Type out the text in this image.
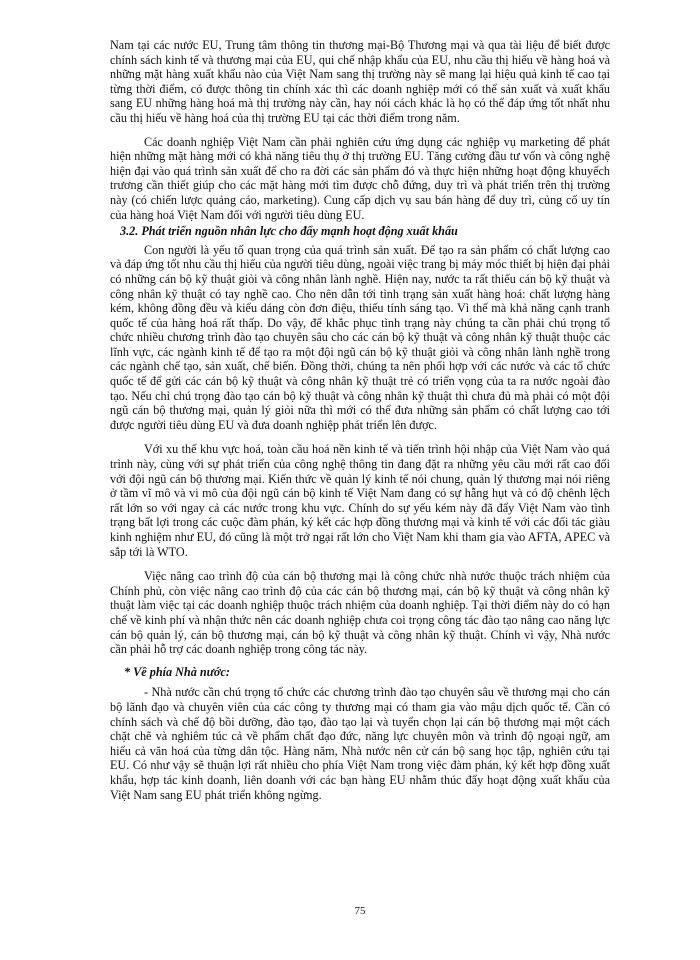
Nam tại các nước EU, Trung tâm thông tin thương mại-Bộ Thương mại và qua tài liệu để biết được chính sách kinh tế và thương mại của EU, qui chế nhập khẩu của EU, nhu cầu thị hiếu về hàng hoá và những mặt hàng xuất khẩu nào của Việt Nam sang thị trường này sẽ mang lại hiệu quả kinh tế cao tại từng thời điểm, có được thông tin chính xác thì các doanh nghiệp mới có thể sản xuất và xuất khẩu sang EU những hàng hoá mà thị trường này cần, hay nói cách khác là họ có thể đáp ứng tốt nhất nhu cầu thị hiếu về hàng hoá của thị trường EU tại các thời điểm trong năm.

Các doanh nghiệp Việt Nam cần phải nghiên cứu ứng dụng các nghiệp vụ marketing để phát hiện những mặt hàng mới có khả năng tiêu thụ ở thị trường EU. Tăng cường đầu tư vốn và công nghệ hiện đại vào quá trình sản xuất để cho ra đời các sản phẩm đó và thực hiện những hoạt động khuyếch trương cần thiết giúp cho các mặt hàng mới tìm được chỗ đứng, duy trì và phát triển trên thị trường này (có chiến lược quảng cáo, marketing). Cung cấp dịch vụ sau bán hàng để duy trì, củng cố uy tín của hàng hoá Việt Nam đối với người tiêu dùng EU.

3.2. Phát triển nguồn nhân lực cho đẩy mạnh hoạt động xuất khẩu

Con người là yếu tố quan trọng của quá trình sản xuất. Để tạo ra sản phẩm có chất lượng cao và đáp ứng tốt nhu cầu thị hiếu của người tiêu dùng, ngoài việc trang bị máy móc thiết bị hiện đại phải có những cán bộ kỹ thuật giỏi và công nhân lành nghề. Hiện nay, nước ta rất thiếu cán bộ kỹ thuật và công nhân kỹ thuật có tay nghề cao. Cho nên dẫn tới tình trạng sản xuất hàng hoá: chất lượng hàng kém, không đồng đều và kiểu dáng còn đơn điệu, thiếu tính sáng tạo. Vì thế mà khả năng cạnh tranh quốc tế của hàng hoá rất thấp. Do vậy, để khắc phục tình trạng này chúng ta cần phải chú trọng tổ chức nhiều chương trình đào tạo chuyên sâu cho các cán bộ kỹ thuật và công nhân kỹ thuật thuộc các lĩnh vực, các ngành kinh tế để tạo ra một đội ngũ cán bộ kỹ thuật giỏi và công nhân lành nghề trong các ngành chế tạo, sản xuất, chế biến. Đồng thời, chúng ta nên phối hợp với các nước và các tổ chức quốc tế để gửi các cán bộ kỹ thuật và công nhân kỹ thuật trẻ có triển vọng của ta ra nước ngoài đào tạo. Nếu chỉ chú trọng đào tạo cán bộ kỹ thuật và công nhân kỹ thuật thì chưa đủ mà phải có một đội ngũ cán bộ thương mại, quản lý giỏi nữa thì mới có thể đưa những sản phẩm có chất lượng cao tới được người tiêu dùng EU và đưa doanh nghiệp phát triển lên được.

Với xu thế khu vực hoá, toàn cầu hoá nền kinh tế và tiến trình hội nhập của Việt Nam vào quá trình này, cùng với sự phát triển của công nghệ thông tin đang đặt ra những yêu cầu mới rất cao đối với đội ngũ cán bộ thương mại. Kiến thức về quản lý kinh tế nói chung, quản lý thương mại nói riêng ở tầm vĩ mô và vi mô của đội ngũ cán bộ kinh tế Việt Nam đang có sự hẫng hụt và có độ chênh lệch rất lớn so với ngay cả các nước trong khu vực. Chính do sự yếu kém này đã đẩy Việt Nam vào tình trạng bất lợi trong các cuộc đàm phán, ký kết các hợp đồng thương mại và kinh tế với các đối tác giàu kinh nghiệm như EU, đó cũng là một trở ngại rất lớn cho Việt Nam khi tham gia vào AFTA, APEC và sắp tới là WTO.

Việc nâng cao trình độ của cán bộ thương mại là công chức nhà nước thuộc trách nhiệm của Chính phủ, còn việc nâng cao trình độ của các cán bộ thương mại, cán bộ kỹ thuật và công nhân kỹ thuật làm việc tại các doanh nghiệp thuộc trách nhiệm của doanh nghiệp. Tại thời điểm này do có hạn chế về kinh phí và nhận thức nên các doanh nghiệp chưa coi trọng công tác đào tạo nâng cao năng lực cán bộ quản lý, cán bộ thương mại, cán bộ kỹ thuật và công nhân kỹ thuật. Chính vì vậy, Nhà nước cần phải hỗ trợ các doanh nghiệp trong công tác này.

* Về phía Nhà nước:

- Nhà nước cần chú trọng tổ chức các chương trình đào tạo chuyên sâu về thương mại cho cán bộ lãnh đạo và chuyên viên của các công ty thương mại có tham gia vào mậu dịch quốc tế. Cần có chính sách và chế độ bồi dưỡng, đào tạo, đào tạo lại và tuyển chọn lại cán bộ thương mại một cách chặt chẽ và nghiêm túc cả về phẩm chất đạo đức, năng lực chuyên môn và trình độ ngoại ngữ, am hiểu cả văn hoá của từng dân tộc. Hàng năm, Nhà nước nên cử cán bộ sang học tập, nghiên cứu tại EU. Có như vậy sẽ thuận lợi rất nhiều cho phía Việt Nam trong việc đàm phán, ký kết hợp đồng xuất khẩu, hợp tác kinh doanh, liên doanh với các bạn hàng EU nhằm thúc đẩy hoạt động xuất khẩu của Việt Nam sang EU phát triển không ngừng.

75
